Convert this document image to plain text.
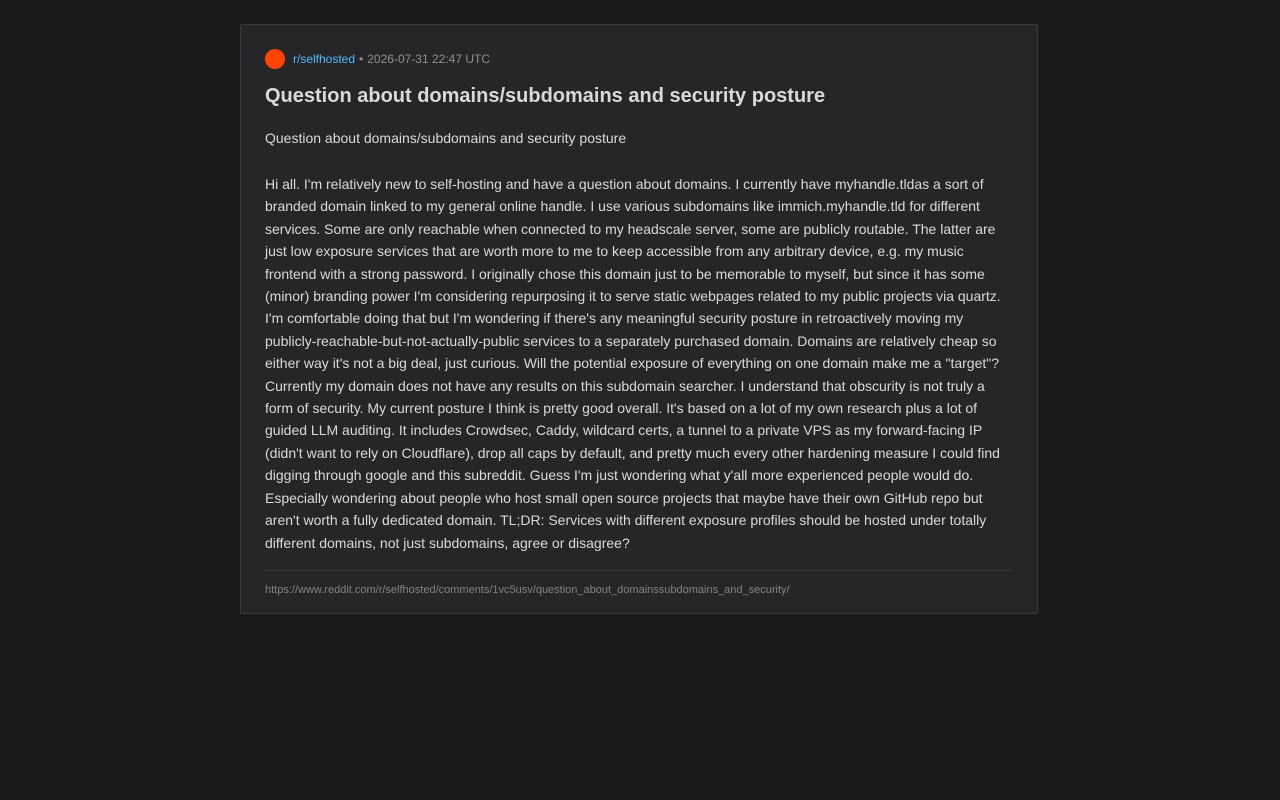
r/selfhosted • 2026-07-31 22:47 UTC
Question about domains/subdomains and security posture
Question about domains/subdomains and security posture
Hi all. I'm relatively new to self-hosting and have a question about domains. I currently have myhandle.tldas a sort of branded domain linked to my general online handle. I use various subdomains like immich.myhandle.tld for different services. Some are only reachable when connected to my headscale server, some are publicly routable. The latter are just low exposure services that are worth more to me to keep accessible from any arbitrary device, e.g. my music frontend with a strong password. I originally chose this domain just to be memorable to myself, but since it has some (minor) branding power I'm considering repurposing it to serve static webpages related to my public projects via quartz. I'm comfortable doing that but I'm wondering if there's any meaningful security posture in retroactively moving my publicly-reachable-but-not-actually-public services to a separately purchased domain. Domains are relatively cheap so either way it's not a big deal, just curious. Will the potential exposure of everything on one domain make me a "target"? Currently my domain does not have any results on this subdomain searcher. I understand that obscurity is not truly a form of security. My current posture I think is pretty good overall. It's based on a lot of my own research plus a lot of guided LLM auditing. It includes Crowdsec, Caddy, wildcard certs, a tunnel to a private VPS as my forward-facing IP (didn't want to rely on Cloudflare), drop all caps by default, and pretty much every other hardening measure I could find digging through google and this subreddit. Guess I'm just wondering what y'all more experienced people would do. Especially wondering about people who host small open source projects that maybe have their own GitHub repo but aren't worth a fully dedicated domain. TL;DR: Services with different exposure profiles should be hosted under totally different domains, not just subdomains, agree or disagree?
https://www.reddit.com/r/selfhosted/comments/1vc5usv/question_about_domainssubdomains_and_security/
